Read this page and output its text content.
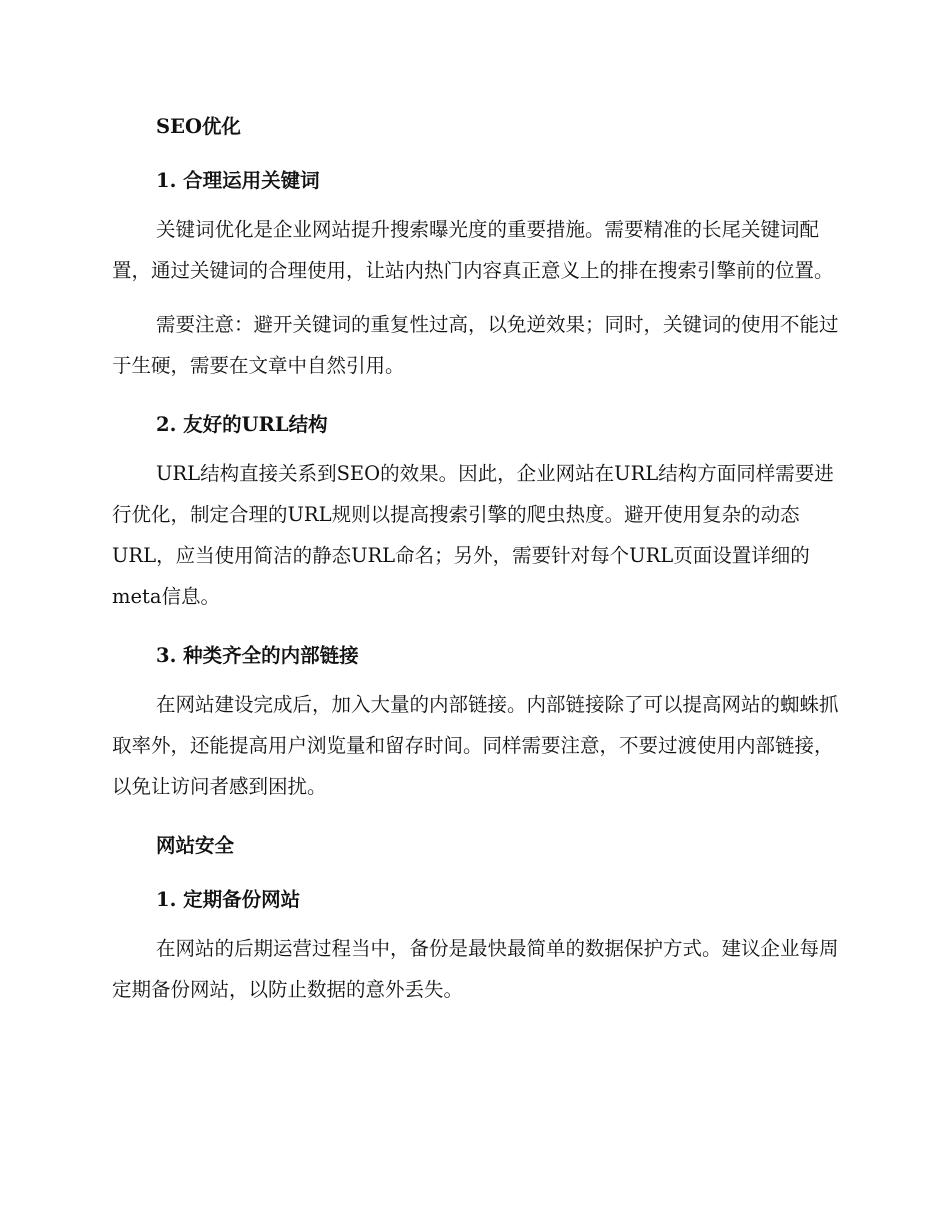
SEO优化
1. 合理运用关键词

关键词优化是企业网站提升搜索曝光度的重要措施。需要精准的长尾关键词配置，通过关键词的合理使用，让站内热门内容真正意义上的排在搜索引擎前的位置。

需要注意：避开关键词的重复性过高，以免逆效果；同时，关键词的使用不能过于生硬，需要在文章中自然引用。

2. 友好的URL结构

URL结构直接关系到SEO的效果。因此，企业网站在URL结构方面同样需要进行优化，制定合理的URL规则以提高搜索引擎的爬虫热度。避开使用复杂的动态URL，应当使用简洁的静态URL命名；另外，需要针对每个URL页面设置详细的meta信息。

3. 种类齐全的内部链接

在网站建设完成后，加入大量的内部链接。内部链接除了可以提高网站的蜘蛛抓取率外，还能提高用户浏览量和留存时间。同样需要注意，不要过渡使用内部链接，以免让访问者感到困扰。

网站安全
1. 定期备份网站

在网站的后期运营过程当中，备份是最快最简单的数据保护方式。建议企业每周定期备份网站，以防止数据的意外丢失。
